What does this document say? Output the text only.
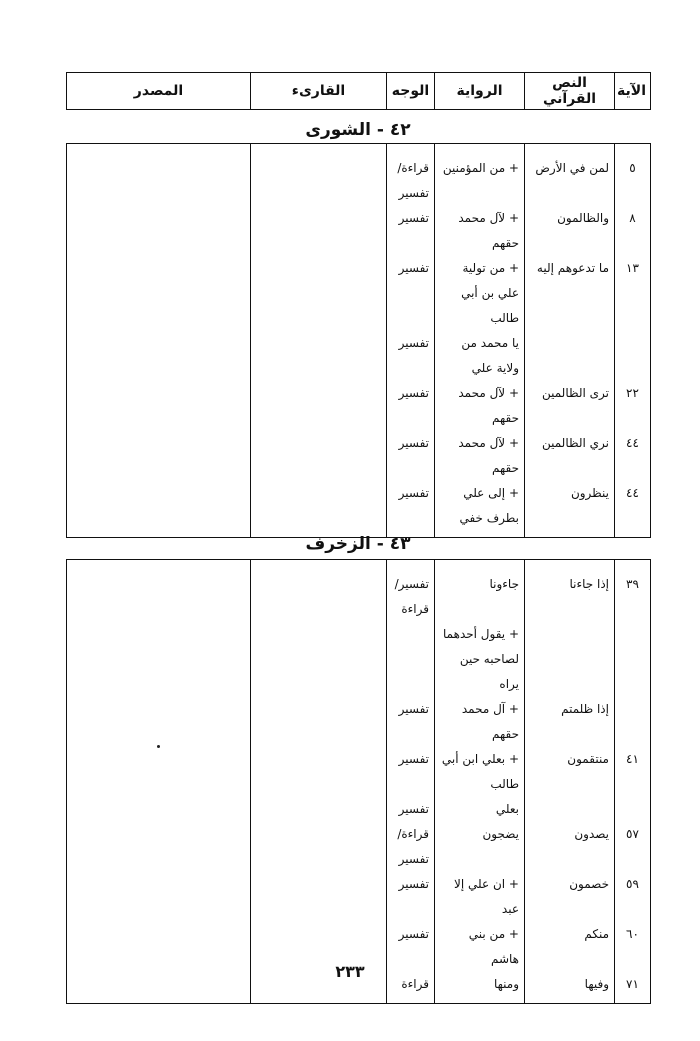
الآية	النص القرآني	الرواية	الوجه	القارىء	المصدر
٤٢ - الشورى
٥	لمن في الأرض	+ من المؤمنين	قراءة/ تفسير		
٨	والظالمون	+ لآل محمد حقهم	تفسير		
١٣	ما تدعوهم إليه	+ من تولية علي بن أبي طالب	تفسير		
		يا محمد من ولاية علي	تفسير		
٢٢	ترى الظالمين	+ لآل محمد حقهم	تفسير		
٤٤	نري الظالمين	+ لآل محمد حقهم	تفسير		
٤٤	ينظرون	+ إلى علي بطرف خفي	تفسير		
٤٣ - الزخرف
٣٩	إذا جاءنا	جاءونا	تفسير/ قراءة		
		+ يقول أحدهما لصاحبه حين يراه			
	إذا ظلمتم	+ آل محمد حقهم	تفسير		
٤١	منتقمون	+ بعلي ابن أبي طالب	تفسير		
		بعلي	تفسير		
٥٧	يصدون	يضجون	قراءة/ تفسير		
٥٩	خصمون	+ ان علي إلا عبد	تفسير		
٦٠	منكم	+ من بني هاشم	تفسير		
٧١	وفيها	ومنها	قراءة		
٢٣٣
